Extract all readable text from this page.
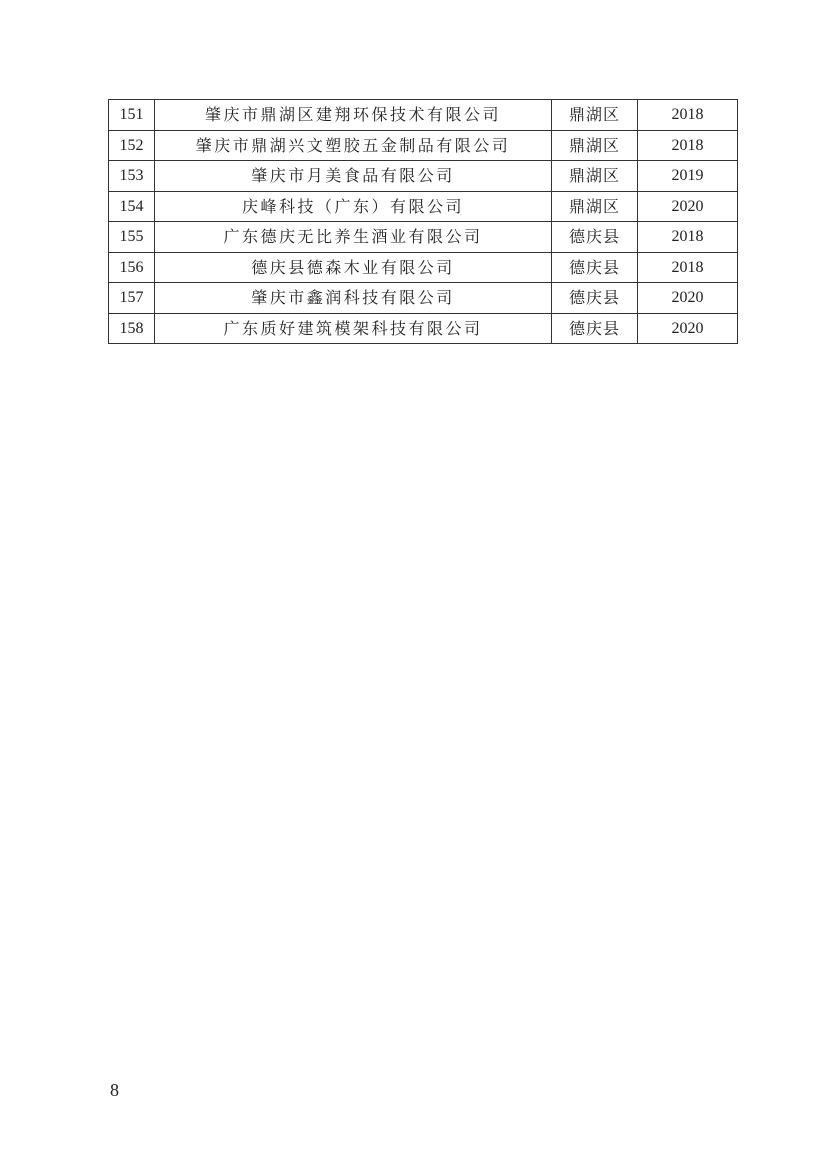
151	肇庆市鼎湖区建翔环保技术有限公司	鼎湖区	2018
152	肇庆市鼎湖兴文塑胶五金制品有限公司	鼎湖区	2018
153	肇庆市月美食品有限公司	鼎湖区	2019
154	庆峰科技（广东）有限公司	鼎湖区	2020
155	广东德庆无比养生酒业有限公司	德庆县	2018
156	德庆县德森木业有限公司	德庆县	2018
157	肇庆市鑫润科技有限公司	德庆县	2020
158	广东质好建筑模架科技有限公司	德庆县	2020
8
